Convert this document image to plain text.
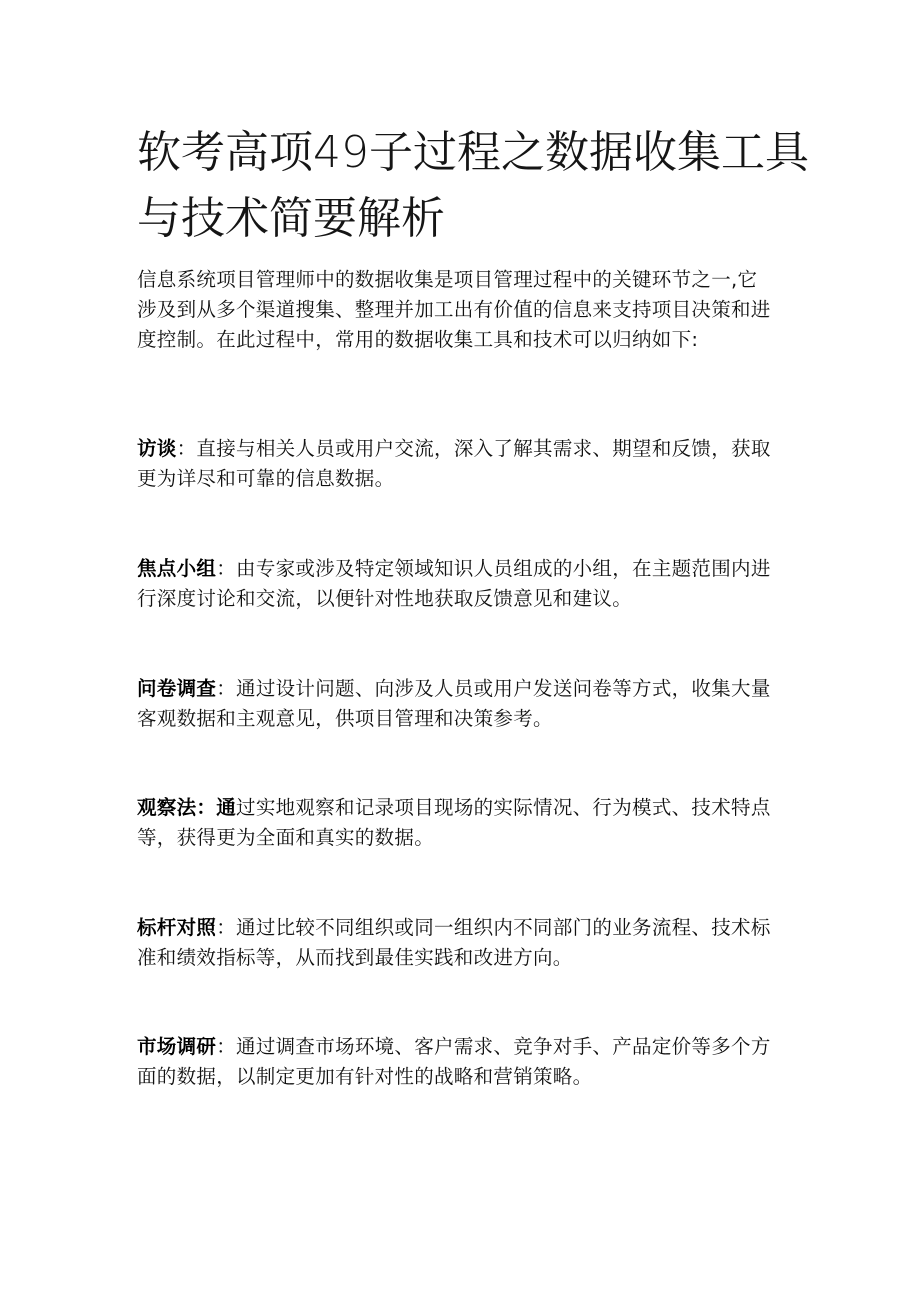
软考高项49子过程之数据收集工具
与技术简要解析

信息系统项目管理师中的数据收集是项目管理过程中的关键环节之一,它
涉及到从多个渠道搜集、整理并加工出有价值的信息来支持项目决策和进
度控制。在此过程中，常用的数据收集工具和技术可以归纳如下:

访谈：直接与相关人员或用户交流，深入了解其需求、期望和反馈，获取
更为详尽和可靠的信息数据。

焦点小组：由专家或涉及特定领域知识人员组成的小组，在主题范围内进
行深度讨论和交流，以便针对性地获取反馈意见和建议。

问卷调查：通过设计问题、向涉及人员或用户发送问卷等方式，收集大量
客观数据和主观意见，供项目管理和决策参考。

观察法：通过实地观察和记录项目现场的实际情况、行为模式、技术特点
等，获得更为全面和真实的数据。

标杆对照：通过比较不同组织或同一组织内不同部门的业务流程、技术标
准和绩效指标等，从而找到最佳实践和改进方向。

市场调研：通过调查市场环境、客户需求、竞争对手、产品定价等多个方
面的数据，以制定更加有针对性的战略和营销策略。
